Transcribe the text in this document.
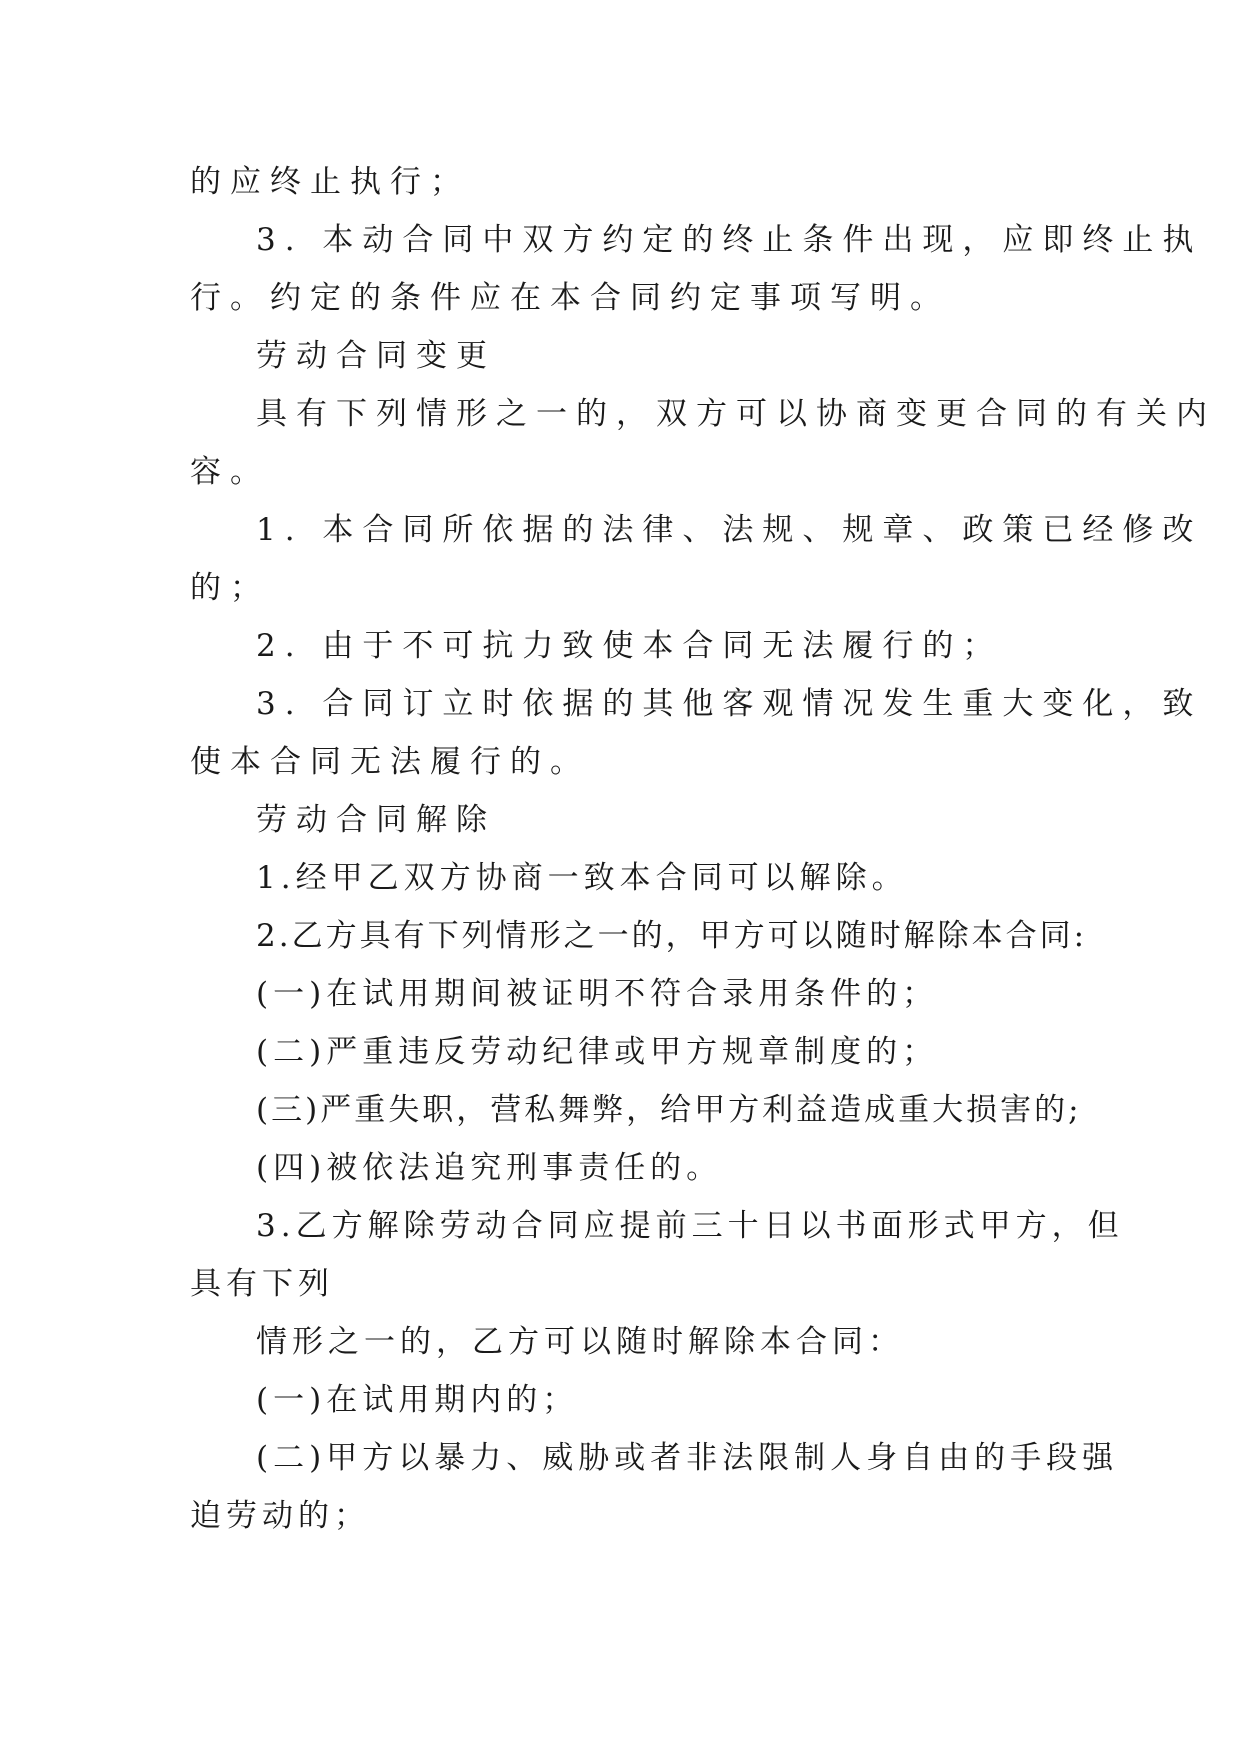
的应终止执行；
3. 本动合同中双方约定的终止条件出现，应即终止执
行。约定的条件应在本合同约定事项写明。
劳动合同变更
具有下列情形之一的，双方可以协商变更合同的有关内
容。
1. 本合同所依据的法律、法规、规章、政策已经修改
的；
2. 由于不可抗力致使本合同无法履行的；
3. 合同订立时依据的其他客观情况发生重大变化，致
使本合同无法履行的。
劳动合同解除
1.经甲乙双方协商一致本合同可以解除。
2.乙方具有下列情形之一的，甲方可以随时解除本合同:
(一)在试用期间被证明不符合录用条件的；
(二)严重违反劳动纪律或甲方规章制度的；
(三)严重失职，营私舞弊，给甲方利益造成重大损害的;
(四)被依法追究刑事责任的。
3.乙方解除劳动合同应提前三十日以书面形式甲方，但
具有下列
情形之一的，乙方可以随时解除本合同：
(一)在试用期内的；
(二)甲方以暴力、威胁或者非法限制人身自由的手段强
迫劳动的；
